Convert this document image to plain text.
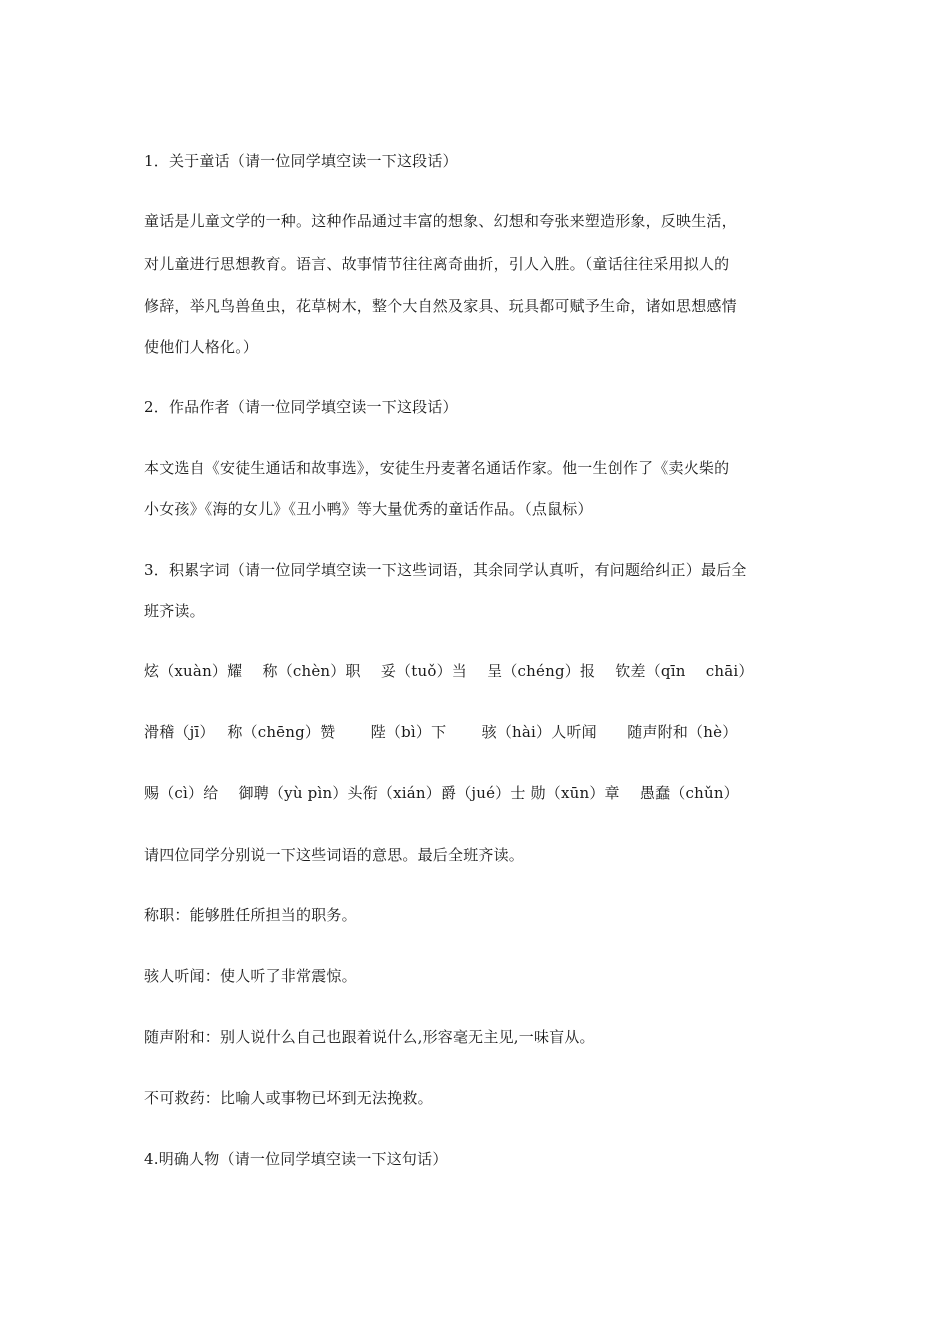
1．关于童话（请一位同学填空读一下这段话）
童话是儿童文学的一种。这种作品通过丰富的想象、幻想和夸张来塑造形象，反映生活，
对儿童进行思想教育。语言、故事情节往往离奇曲折，引人入胜。（童话往往采用拟人的
修辞，举凡鸟兽鱼虫，花草树木，整个大自然及家具、玩具都可赋予生命，诸如思想感情
使他们人格化。）
2．作品作者（请一位同学填空读一下这段话）
本文选自《安徒生通话和故事选》，安徒生丹麦著名通话作家。他一生创作了《卖火柴的
小女孩》《海的女儿》《丑小鸭》等大量优秀的童话作品。（点鼠标）
3．积累字词（请一位同学填空读一下这些词语，其余同学认真听，有问题给纠正）最后全
班齐读。
炫（xuàn）耀　 称（chèn）职　 妥（tuǒ）当　 呈（chéng）报　 钦差（qīn　 chāi）
滑稽（jī）　 称（chēng）赞　　 陛（bì）下　　 骇（hài）人听闻　　随声附和（hè）
赐（cì）给　 御聘（yù pìn）头衔（xián）爵（jué）士 勋（xūn）章　 愚蠢（chǔn）
请四位同学分别说一下这些词语的意思。最后全班齐读。
称职：能够胜任所担当的职务。
骇人听闻：使人听了非常震惊。
随声附和：别人说什么自己也跟着说什么,形容毫无主见,一味盲从。
不可救药：比喻人或事物已坏到无法挽救。
4.明确人物（请一位同学填空读一下这句话）
